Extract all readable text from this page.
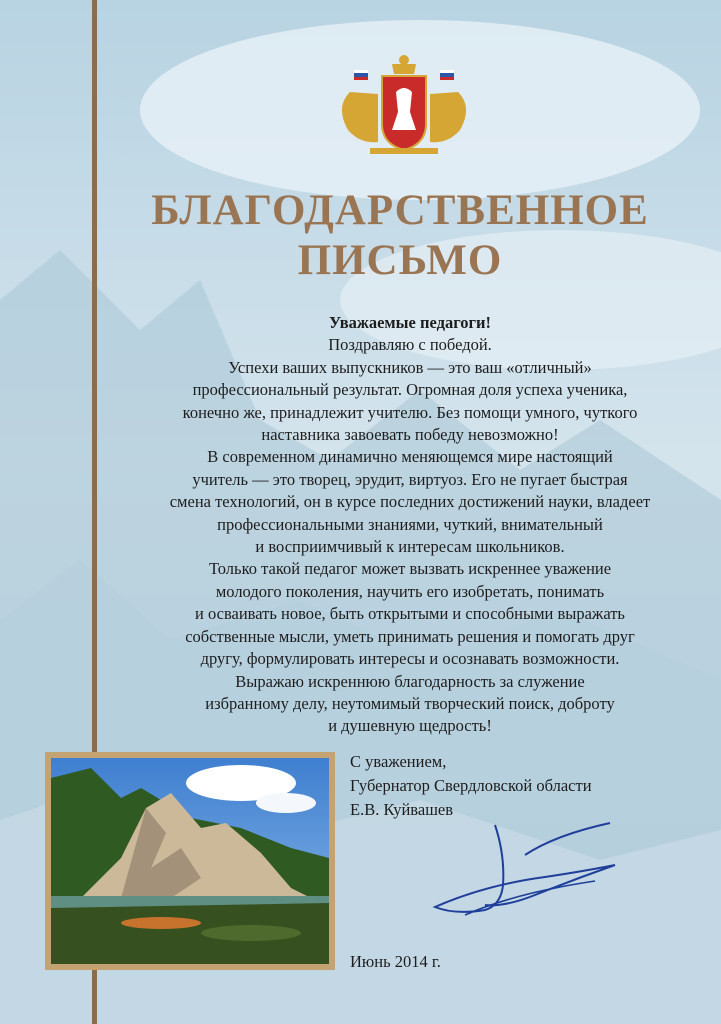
БЛАГОДАРСТВЕННОЕ
ПИСЬМО
Уважаемые педагоги!
Поздравляю с победой.
Успехи ваших выпускников — это ваш «отличный»
профессиональный результат. Огромная доля успеха ученика,
конечно же, принадлежит учителю. Без помощи умного, чуткого
наставника завоевать победу невозможно!
В современном динамично меняющемся мире настоящий
учитель — это творец, эрудит, виртуоз. Его не пугает быстрая
смена технологий, он в курсе последних достижений науки, владеет
профессиональными знаниями, чуткий, внимательный
и восприимчивый к интересам школьников.
Только такой педагог может вызвать искреннее уважение
молодого поколения, научить его изобретать, понимать
и осваивать новое, быть открытыми и способными выражать
собственные мысли, уметь принимать решения и помогать друг
другу, формулировать интересы и осознавать возможности.
Выражаю искреннюю благодарность за служение
избранному делу, неутомимый творческий поиск, доброту
и душевную щедрость!
С уважением,
Губернатор Свердловской области
Е.В. Куйвашев
Июнь 2014 г.
